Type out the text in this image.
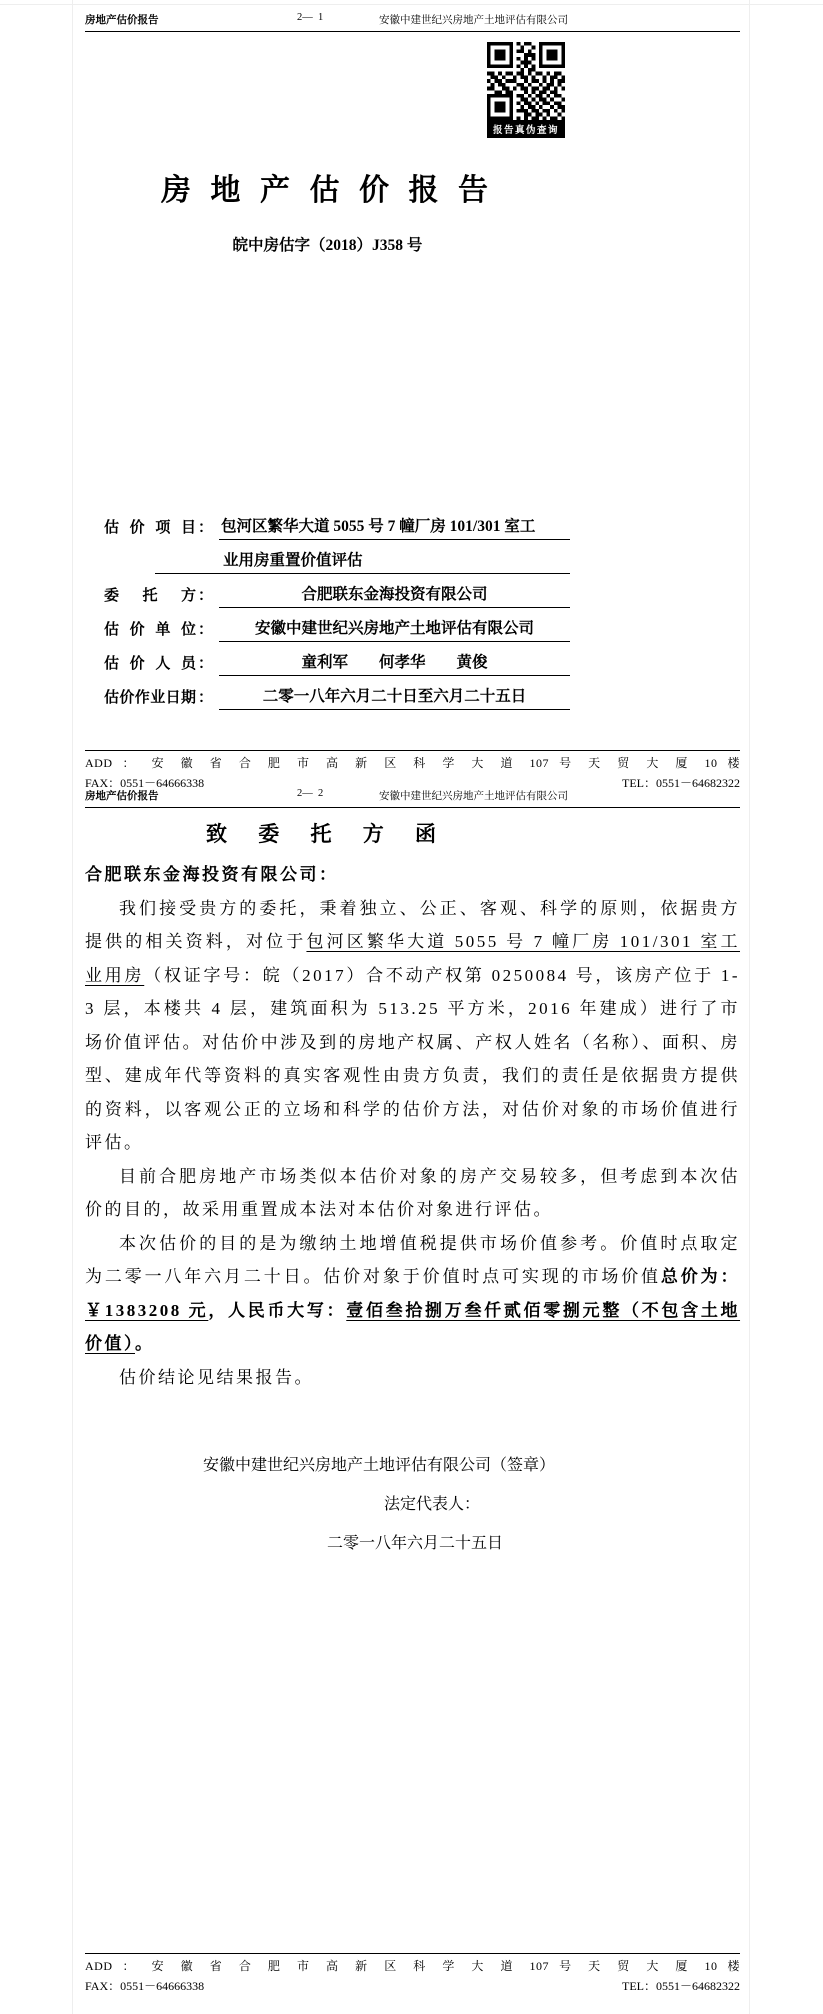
房地产估价报告	2—  1	安徽中建世纪兴房地产土地评估有限公司
报告真伪查询
房 地 产 估 价 报 告
皖中房估字（2018）J358 号
估价项目 ： 包河区繁华大道 5055 号 7 幢厂房 101/301 室工
业用房重置价值评估
委托方 ：	合肥联东金海投资有限公司
估价单位 ：	安徽中建世纪兴房地产土地评估有限公司
估价人员 ：	童利军　　何孝华　　黄俊
估价作业日期 ：	二零一八年六月二十日至六月二十五日
ADD ： 安 徽 省 合 肥 市 高 新 区 科 学 大 道 107 号 天 贸 大 厦 10 楼
FAX：0551－64666338	TEL：0551－64682322
房地产估价报告	2—  2	安徽中建世纪兴房地产土地评估有限公司
致 委 托 方 函
合肥联东金海投资有限公司：

我们接受贵方的委托，秉着独立、公正、客观、科学的原则，依据贵方提供的相关资料，对位于包河区繁华大道 5055 号 7 幢厂房 101/301 室工业用房（权证字号：皖（2017）合不动产权第 0250084 号，该房产位于 1-3 层，本楼共 4 层，建筑面积为 513.25 平方米，2016 年建成）进行了市场价值评估。对估价中涉及到的房地产权属、产权人姓名（名称）、面积、房型、建成年代等资料的真实客观性由贵方负责，我们的责任是依据贵方提供的资料，以客观公正的立场和科学的估价方法，对估价对象的市场价值进行评估。

目前合肥房地产市场类似本估价对象的房产交易较多，但考虑到本次估价的目的，故采用重置成本法对本估价对象进行评估。

本次估价的目的是为缴纳土地增值税提供市场价值参考。价值时点取定为二零一八年六月二十日。估价对象于价值时点可实现的市场价值总价为：￥1383208 元，人民币大写：壹佰叁拾捌万叁仟贰佰零捌元整（不包含土地价值）。

估价结论见结果报告。

安徽中建世纪兴房地产土地评估有限公司（签章）
法定代表人：
二零一八年六月二十五日
ADD ： 安 徽 省 合 肥 市 高 新 区 科 学 大 道 107 号 天 贸 大 厦 10 楼
FAX：0551－64666338	TEL：0551－64682322
